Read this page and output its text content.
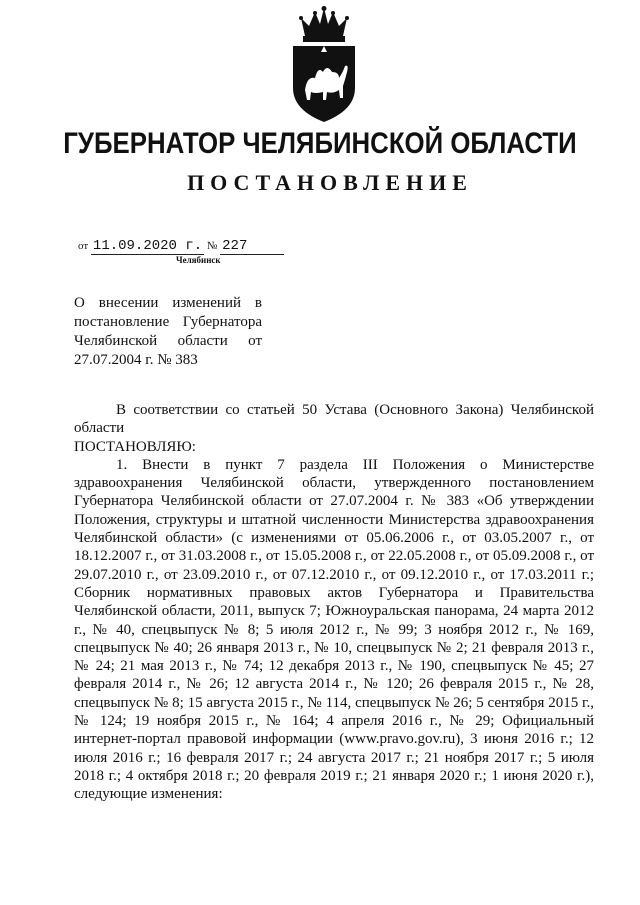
ГУБЕРНАТОР ЧЕЛЯБИНСКОЙ ОБЛАСТИ
ПОСТАНОВЛЕНИЕ
от 11.09.2020 г. № 227
Челябинск
О внесении изменений в постановление Губернатора Челябинской области от 27.07.2004 г. № 383

В соответствии со статьей 50 Устава (Основного Закона) Челябинской области

ПОСТАНОВЛЯЮ:

1. Внести в пункт 7 раздела III Положения о Министерстве здравоохранения Челябинской области, утвержденного постановлением Губернатора Челябинской области от 27.07.2004 г. № 383 «Об утверждении Положения, структуры и штатной численности Министерства здравоохранения Челябинской области» (с изменениями от 05.06.2006 г., от 03.05.2007 г., от 18.12.2007 г., от 31.03.2008 г., от 15.05.2008 г., от 22.05.2008 г., от 05.09.2008 г., от 29.07.2010 г., от 23.09.2010 г., от 07.12.2010 г., от 09.12.2010 г., от 17.03.2011 г.; Сборник нормативных правовых актов Губернатора и Правительства Челябинской области, 2011, выпуск 7; Южноуральская панорама, 24 марта 2012 г., № 40, спецвыпуск № 8; 5 июля 2012 г., № 99; 3 ноября 2012 г., № 169, спецвыпуск № 40; 26 января 2013 г., № 10, спецвыпуск № 2; 21 февраля 2013 г., № 24; 21 мая 2013 г., № 74; 12 декабря 2013 г., № 190, спецвыпуск № 45; 27 февраля 2014 г., № 26; 12 августа 2014 г., № 120; 26 февраля 2015 г., № 28, спецвыпуск № 8; 15 августа 2015 г., № 114, спецвыпуск № 26; 5 сентября 2015 г., № 124; 19 ноября 2015 г., № 164; 4 апреля 2016 г., № 29; Официальный интернет-портал правовой информации (www.pravo.gov.ru), 3 июня 2016 г.; 12 июля 2016 г.; 16 февраля 2017 г.; 24 августа 2017 г.; 21 ноября 2017 г.; 5 июля 2018 г.; 4 октября 2018 г.; 20 февраля 2019 г.; 21 января 2020 г.; 1 июня 2020 г.), следующие изменения:
